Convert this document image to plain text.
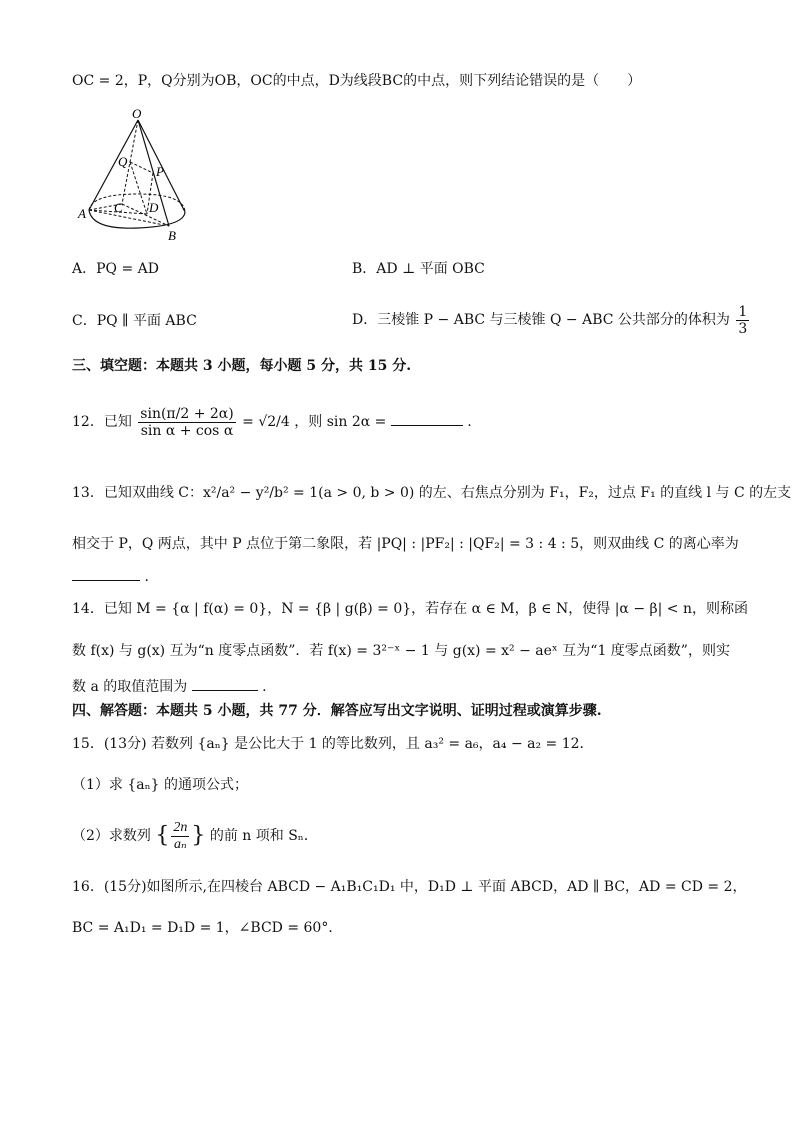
OC = 2，P，Q分别为OB，OC的中点，D为线段BC的中点，则下列结论错误的是（　　）
O
Q
P
C D
A
B
A．PQ = AD	B．AD ⊥ 平面 OBC
C．PQ ∥ 平面 ABC	D．三棱锥 P − ABC 与三棱锥 Q − ABC 公共部分的体积为 $\frac{1}{3}$
三、填空题：本题共 3 小题，每小题 5 分，共 15 分.
12．已知 $\frac{\sin(\pi/2 + 2\alpha)}{\text{sin α + cos α}} = √2/4$ ，则 sin 2α =	.
13．已知双曲线 C：x²/a² − y²/b² = 1(a > 0, b > 0) 的左、右焦点分别为 F₁，F₂，过点 F₁ 的直线 l 与 C 的左支
相交于 P，Q 两点，其中 P 点位于第二象限，若 |PQ| : |PF₂| : |QF₂| = 3 : 4 : 5，则双曲线 C 的离心率为
.
14．已知 M = {α | f(α) = 0}，N = {β | g(β) = 0}，若存在 α ∈ M，β ∈ N，使得 |α − β| < n，则称函
数 f(x) 与 g(x) 互为“n 度零点函数”．若 f(x) = 3²⁻ˣ − 1 与 g(x) = x² − aeˣ 互为“1 度零点函数”，则实
数 a 的取值范围为	.
四、解答题：本题共 5 小题，共 77 分．解答应写出文字说明、证明过程或演算步骤.
15．(13分) 若数列 {aₙ} 是公比大于 1 的等比数列，且 a₃² = a₆，a₄ − a₂ = 12．
（1）求 {aₙ} 的通项公式；
（2）求数列 { $\frac{2n}{\text{aₙ}}$ } 的前 n 项和 Sₙ．
16．(15分)如图所示,在四棱台 ABCD − A₁B₁C₁D₁ 中，D₁D ⊥ 平面 ABCD，AD ∥ BC，AD = CD = 2，
BC = A₁D₁ = D₁D = 1，∠BCD = 60°．
